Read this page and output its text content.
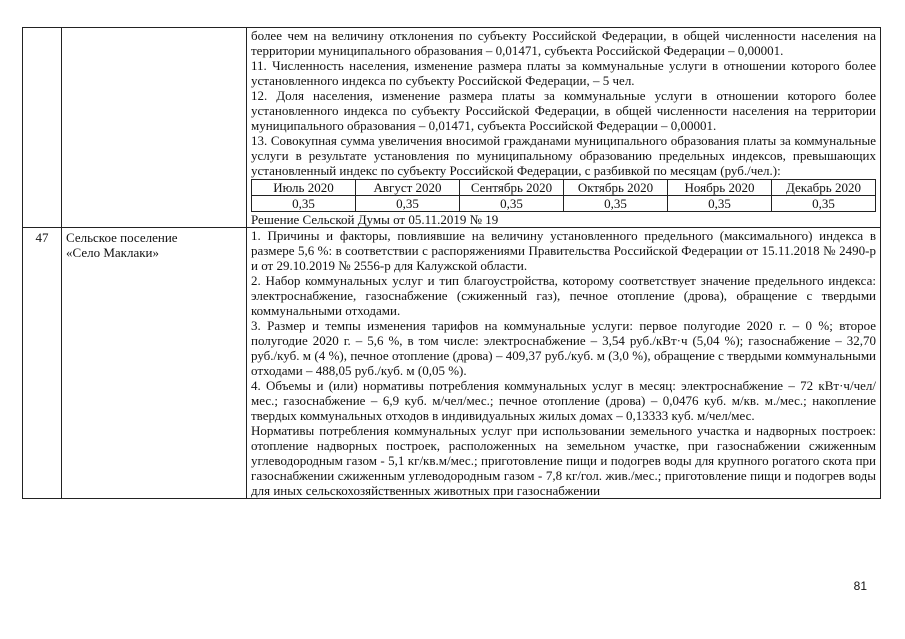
более чем на величину отклонения по субъекту Российской Федерации, в общей численности населения на территории муниципального образования – 0,01471, субъекта Российской Федерации – 0,00001.

11. Численность населения, изменение размера платы за коммунальные услуги в отношении которого более установленного индекса по субъекту Российской Федерации, – 5 чел.

12. Доля населения, изменение размера платы за коммунальные услуги в отношении которого более установленного индекса по субъекту Российской Федерации, в общей численности населения на территории муниципального образования – 0,01471, субъекта Российской Федерации – 0,00001.

13. Совокупная сумма увеличения вносимой гражданами муниципального образования платы за коммунальные услуги в результате установления по муниципальному образованию предельных индексов, превышающих установленный индекс по субъекту Российской Федерации, с разбивкой по месяцам (руб./чел.):

Июль 2020	Август 2020	Сентябрь 2020	Октябрь 2020	Ноябрь 2020	Декабрь 2020
0,35	0,35	0,35	0,35	0,35	0,35

Решение Сельской Думы от 05.11.2019 № 19

47	Сельское поселение
«Село Маклаки»

1. Причины и факторы, повлиявшие на величину установленного предельного (максимального) индекса в размере 5,6 %: в соответствии с распоряжениями Правительства Российской Федерации от 15.11.2018 № 2490-р и от 29.10.2019 № 2556-р для Калужской области.

2. Набор коммунальных услуг и тип благоустройства, которому соответствует значение предельного индекса: электроснабжение, газоснабжение (сжиженный газ), печное отопление (дрова), обращение с твердыми коммунальными отходами.

3. Размер и темпы изменения тарифов на коммунальные услуги: первое полугодие 2020 г. – 0 %; второе полугодие 2020 г. – 5,6 %, в том числе: электроснабжение – 3,54 руб./кВт·ч (5,04 %); газоснабжение – 32,70 руб./куб. м (4 %), печное отопление (дрова) – 409,37 руб./куб. м (3,0 %), обращение с твердыми коммунальными отходами – 488,05 руб./куб. м (0,05 %).

4. Объемы и (или) нормативы потребления коммунальных услуг в месяц: электроснабжение – 72 кВт·ч/чел/мес.; газоснабжение – 6,9 куб. м/чел/мес.; печное отопление (дрова) – 0,0476 куб. м/кв. м./мес.; накопление твердых коммунальных отходов в индивидуальных жилых домах – 0,13333 куб. м/чел/мес.

Нормативы потребления коммунальных услуг при использовании земельного участка и надворных построек: отопление надворных построек, расположенных на земельном участке, при газоснабжении сжиженным углеводородным газом - 5,1 кг/кв.м/мес.; приготовление пищи и подогрев воды для крупного рогатого скота при газоснабжении сжиженным углеводородным газом - 7,8 кг/гол. жив./мес.; приготовление пищи и подогрев воды для иных сельскохозяйственных животных при газоснабжении

81
